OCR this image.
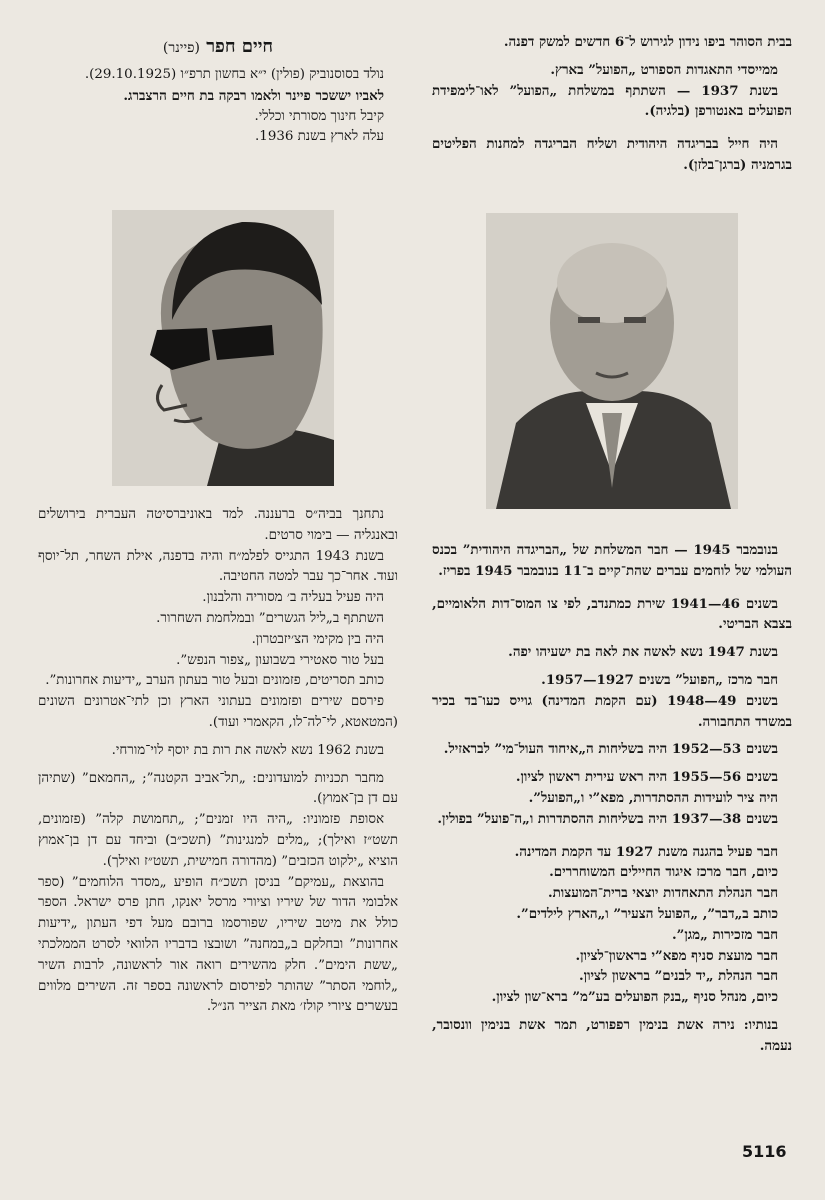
בבית הסוהר ביפו נידון לגירוש ל־6 חדשים למשק דפנה.

ממייסדי התאגדות הספורט „הפועל” בארץ.

בשנת 1937 — השתתף במשלחת „הפועל” לאו־לימפידת הפועלים באנטורפן (בלגיה).

היה חייל בבריגדה היהודית ושליח הבריגדה למחנות הפליטים בגרמניה (ברגן־בלזן).

בנובמבר 1945 — חבר המשלחת של „הבריגדה היהודית” בכנס העולמי של לוחמים עברים שהת־קיים ב־11 בנובמבר 1945 בפריז.

בשנים 46—1941 שירת כמתנדב, לפי צו המוס־דות הלאומיים, בצבא הבריטי.

בשנת 1947 נשא לאשה את לאה בת ישעיהו יפה.

חבר מרכז „הפועל” בשנים 1927—1957.

בשנים 49—1948 (עם הקמת המדינה) גוייס כעו־בד בכיר במשרד התחבורה.

בשנים 53—1952 היה בשליחות ה„איחוד העול־מי” לבראזיל.

בשנים 56—1955 היה ראש עירית ראשון לציון.

היה ציר לועידות ההסתדרות, מפא”י ו„הפועל”.

בשנים 38—1937 היה בשליחות ההסתדרות ו„ה־פועל” בפולין.

חבר פעיל בהגנה משנת 1927 עד הקמת המדינה.

כיום, חבר מרכז איגוד החיילים המשוחררים.

חבר הנהלת התאחדות יוצאי ברית־המועצות.

כותב ב„דבר”, „הפועל הצעיר” ו„הארץ לילדים”.

חבר מזכירות „מגן”.

חבר מועצת סניף מפא”י בראשון־לציון.

חבר הנהלת „יד לבנים” בראשון לציון.

כיום, מנהל סניף „בנק הפועלים בע”מ” ברא־שון לציון.

בנותיו: נירה אשת בנימין רפפורט, תמר אשת בנימין וונסובר, נעמה.

חיים חפר (פיינר)

נולד בסוסנוביק (פולין) י״א בחשון תרפ״ו (29.10.1925).

לאביו יששכר פיינר ולאמו רבקה בת חיים הרצברג.

קיבל חינוך מסורתי וכללי.

עלה לארץ בשנת 1936.

נתחנך בביה״ס ברעננה. למד באוניברסיטה העברית בירושלים ובאנגליה — בימוי סרטים.

בשנת 1943 התגייס לפלמ״ח והיה בדפנה, אילת השחר, תל־יוסף ועוד. אחר־כך עבר למטה החטיבה.

היה פעיל בעליה ב׳ מסוריה והלבנון.

השתתף ב„ליל הגשרים” ובמלחמת השחרור.

היה בין מקימי הצ׳יזבטרון.

בעל טור סאטירי בשבועון „צפור הנפש”.

כותב תסריטים, פזמונים ובעל טור בעתון הערב „ידיעות אחרונות”.

פירסם שירים ופזמונים בעתוני הארץ וכן לתי־אטרונים השונים (המטאטא, לי־לה־לו, הקאמרי ועוד).

בשנת 1962 נשא לאשה את רות בת יוסף לוי־מורחי.

מחבר תכניות למועדונים: „תל־אביב הקטנה”; „החמאם” (שתיהן עם דן בן־אמוץ).

אסופת פזמוניו: „היה היו זמנים”; „תחמושת קלה” (פזמונים, תשט״ז ואילך); „מלים למנגינות” (תשכ״ב) וביחד עם דן בן־אמוץ הוציא „ילקוט הכזבים” (מהדורה חמישית, תשט״ז ואילך).

בהוצאת „עמיקם” בניסן תשכ״ח הופיע „מסדר הלוחמים” (ספר אלבומי הדור של שיריו וציורי מרסל יאנקו, חתן פרס ישראל. הספר כולל את מיטב שיריו, שפורסמו ברובם מעל דפי העתון „ידיעות אחרונות” ובחלקם ב„במחנה” ושובצו בדבריו הלוואי לסרט הממלכתי „ששת הימים”. חלק מהשירים רואה אור לראשונה, לרבות השיר „לוחמי הסתר” שהותר לפירסום לראשונה בספר זה. השירים מלווים בעשרים ציורי קולז׳ מאת הצייר הנ״ל.

5116
